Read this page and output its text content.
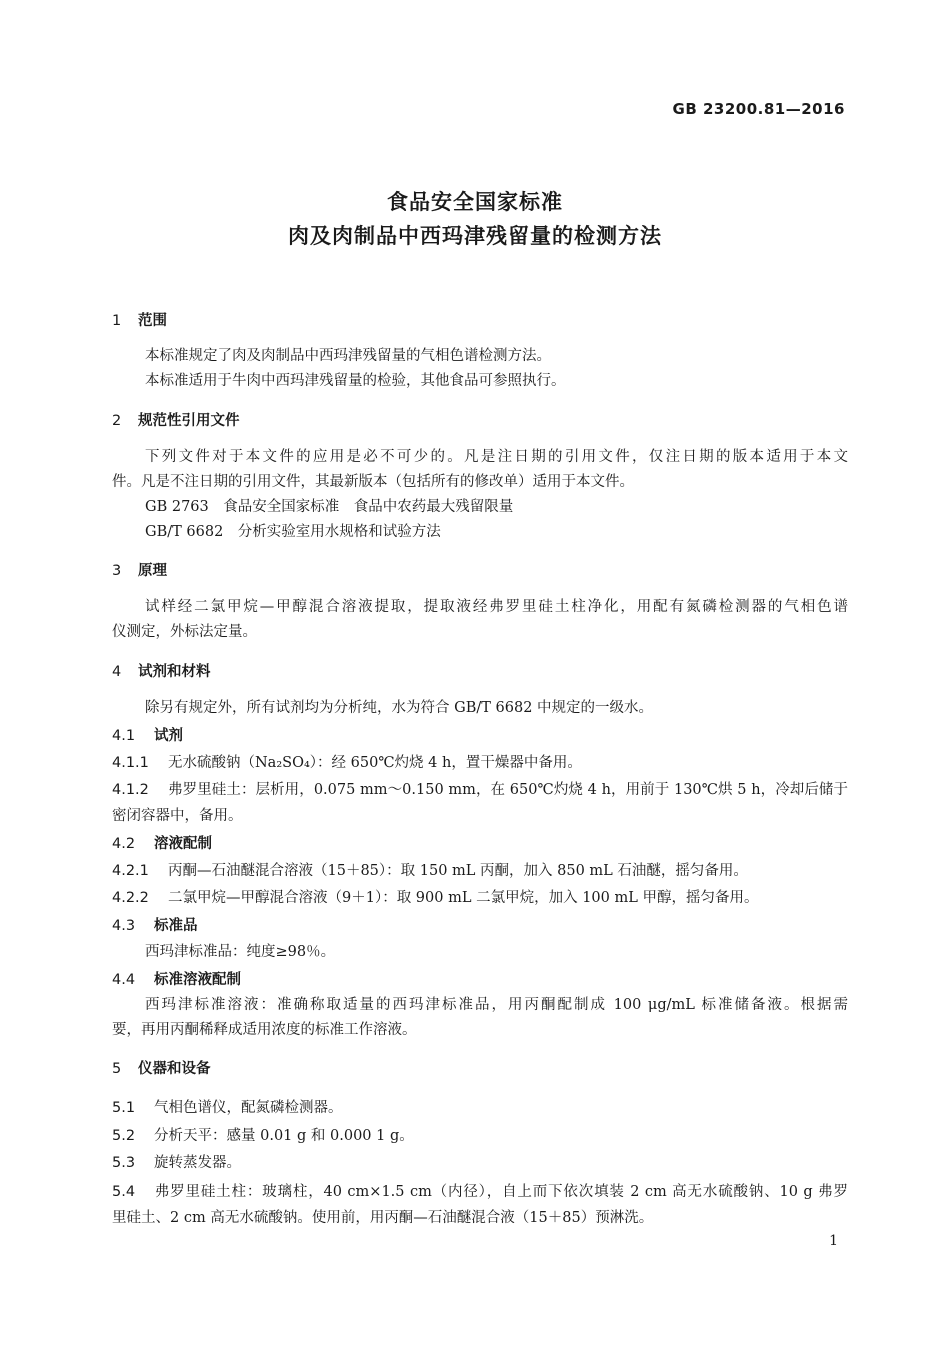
GB 23200.81—2016
食品安全国家标准
肉及肉制品中西玛津残留量的检测方法
1 范围
本标准规定了肉及肉制品中西玛津残留量的气相色谱检测方法。
本标准适用于牛肉中西玛津残留量的检验，其他食品可参照执行。
2 规范性引用文件
下列文件对于本文件的应用是必不可少的。凡是注日期的引用文件，仅注日期的版本适用于本文
件。凡是不注日期的引用文件，其最新版本（包括所有的修改单）适用于本文件。
GB 2763　食品安全国家标准　食品中农药最大残留限量
GB/T 6682　分析实验室用水规格和试验方法
3 原理
试样经二氯甲烷—甲醇混合溶液提取，提取液经弗罗里硅土柱净化，用配有氮磷检测器的气相色谱
仪测定，外标法定量。
4 试剂和材料
除另有规定外，所有试剂均为分析纯，水为符合 GB/T 6682 中规定的一级水。
4.1 试剂
4.1.1 无水硫酸钠（Na₂SO₄）：经 650℃灼烧 4 h，置干燥器中备用。
4.1.2 弗罗里硅土：层析用，0.075 mm～0.150 mm，在 650℃灼烧 4 h，用前于 130℃烘 5 h，冷却后储于
密闭容器中，备用。
4.2 溶液配制
4.2.1 丙酮—石油醚混合溶液（15＋85）：取 150 mL 丙酮，加入 850 mL 石油醚，摇匀备用。
4.2.2 二氯甲烷—甲醇混合溶液（9＋1）：取 900 mL 二氯甲烷，加入 100 mL 甲醇，摇匀备用。
4.3 标准品
西玛津标准品：纯度≥98％。
4.4 标准溶液配制
西玛津标准溶液：准确称取适量的西玛津标准品，用丙酮配制成 100 μg/mL 标准储备液。根据需
要，再用丙酮稀释成适用浓度的标准工作溶液。
5 仪器和设备
5.1 气相色谱仪，配氮磷检测器。
5.2 分析天平：感量 0.01 g 和 0.000 1 g。
5.3 旋转蒸发器。
5.4 弗罗里硅土柱：玻璃柱，40 cm×1.5 cm（内径），自上而下依次填装 2 cm 高无水硫酸钠、10 g 弗罗
里硅土、2 cm 高无水硫酸钠。使用前，用丙酮—石油醚混合液（15＋85）预淋洗。
1
